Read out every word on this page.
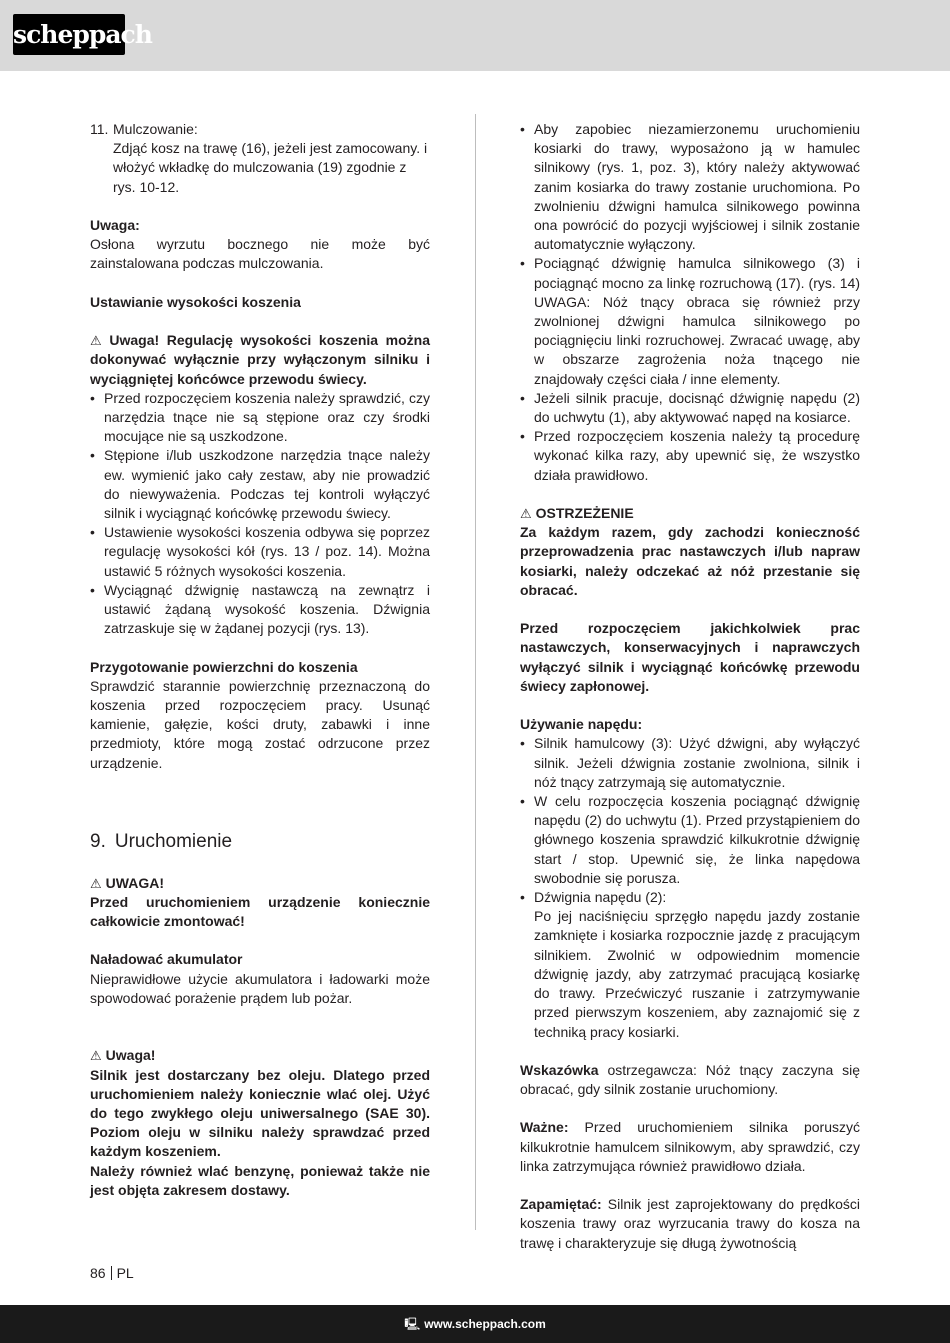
scheppach
11. Mulczowanie:

Zdjąć kosz na trawę (16), jeżeli jest zamocowany. i włożyć wkładkę do mulczowania (19) zgodnie z rys. 10-12.

Uwaga:

Osłona wyrzutu bocznego nie może być zainstalowana podczas mulczowania.

Ustawianie wysokości koszenia

⚠ Uwaga! Regulację wysokości koszenia można dokonywać wyłącznie przy wyłączonym silniku i wyciągniętej końcówce przewodu świecy.

• Przed rozpoczęciem koszenia należy sprawdzić, czy narzędzia tnące nie są stępione oraz czy środki mocujące nie są uszkodzone.
• Stępione i/lub uszkodzone narzędzia tnące należy ew. wymienić jako cały zestaw, aby nie prowadzić do niewyważenia. Podczas tej kontroli wyłączyć silnik i wyciągnąć końcówkę przewodu świecy.
• Ustawienie wysokości koszenia odbywa się poprzez regulację wysokości kół (rys. 13 / poz. 14). Można ustawić 5 różnych wysokości koszenia.
• Wyciągnąć dźwignię nastawczą na zewnątrz i ustawić żądaną wysokość koszenia. Dźwignia zatrzaskuje się w żądanej pozycji (rys. 13).

Przygotowanie powierzchni do koszenia

Sprawdzić starannie powierzchnię przeznaczoną do koszenia przed rozpoczęciem pracy. Usunąć kamienie, gałęzie, kości druty, zabawki i inne przedmioty, które mogą zostać odrzucone przez urządzenie.

9. Uruchomienie

⚠ UWAGA!

Przed uruchomieniem urządzenie koniecznie całkowicie zmontować!

Naładować akumulator

Nieprawidłowe użycie akumulatora i ładowarki może spowodować porażenie prądem lub pożar.

⚠ Uwaga!

Silnik jest dostarczany bez oleju. Dlatego przed uruchomieniem należy koniecznie wlać olej. Użyć do tego zwykłego oleju uniwersalnego (SAE 30). Poziom oleju w silniku należy sprawdzać przed każdym koszeniem.

Należy również wlać benzynę, ponieważ także nie jest objęta zakresem dostawy.

• Aby zapobiec niezamierzonemu uruchomieniu kosiarki do trawy, wyposażono ją w hamulec silnikowy (rys. 1, poz. 3), który należy aktywować zanim kosiarka do trawy zostanie uruchomiona. Po zwolnieniu dźwigni hamulca silnikowego powinna ona powrócić do pozycji wyjściowej i silnik zostanie automatycznie wyłączony.
• Pociągnąć dźwignię hamulca silnikowego (3) i pociągnąć mocno za linkę rozruchową (17). (rys. 14) UWAGA: Nóż tnący obraca się również przy zwolnionej dźwigni hamulca silnikowego po pociągnięciu linki rozruchowej. Zwracać uwagę, aby w obszarze zagrożenia noża tnącego nie znajdowały części ciała / inne elementy.
• Jeżeli silnik pracuje, docisnąć dźwignię napędu (2) do uchwytu (1), aby aktywować napęd na kosiarce.
• Przed rozpoczęciem koszenia należy tą procedurę wykonać kilka razy, aby upewnić się, że wszystko działa prawidłowo.

⚠ OSTRZEŻENIE

Za każdym razem, gdy zachodzi konieczność przeprowadzenia prac nastawczych i/lub napraw kosiarki, należy odczekać aż nóż przestanie się obracać.

Przed rozpoczęciem jakichkolwiek prac nastawczych, konserwacyjnych i naprawczych wyłączyć silnik i wyciągnąć końcówkę przewodu świecy zapłonowej.

Używanie napędu:

• Silnik hamulcowy (3): Użyć dźwigni, aby wyłączyć silnik. Jeżeli dźwignia zostanie zwolniona, silnik i nóż tnący zatrzymają się automatycznie.
• W celu rozpoczęcia koszenia pociągnąć dźwignię napędu (2) do uchwytu (1). Przed przystąpieniem do głównego koszenia sprawdzić kilkukrotnie dźwignię start / stop. Upewnić się, że linka napędowa swobodnie się porusza.
• Dźwignia napędu (2):
Po jej naciśnięciu sprzęgło napędu jazdy zostanie zamknięte i kosiarka rozpocznie jazdę z pracującym silnikiem. Zwolnić w odpowiednim momencie dźwignię jazdy, aby zatrzymać pracującą kosiarkę do trawy. Przećwiczyć ruszanie i zatrzymywanie przed pierwszym koszeniem, aby zaznajomić się z techniką pracy kosiarki.

Wskazówka ostrzegawcza: Nóż tnący zaczyna się obracać, gdy silnik zostanie uruchomiony.

Ważne: Przed uruchomieniem silnika poruszyć kilkukrotnie hamulcem silnikowym, aby sprawdzić, czy linka zatrzymująca również prawidłowo działa.

Zapamiętać: Silnik jest zaprojektowany do prędkości koszenia trawy oraz wyrzucania trawy do kosza na trawę i charakteryzuje się długą żywotnością

86 PL
🖳 www.scheppach.com
